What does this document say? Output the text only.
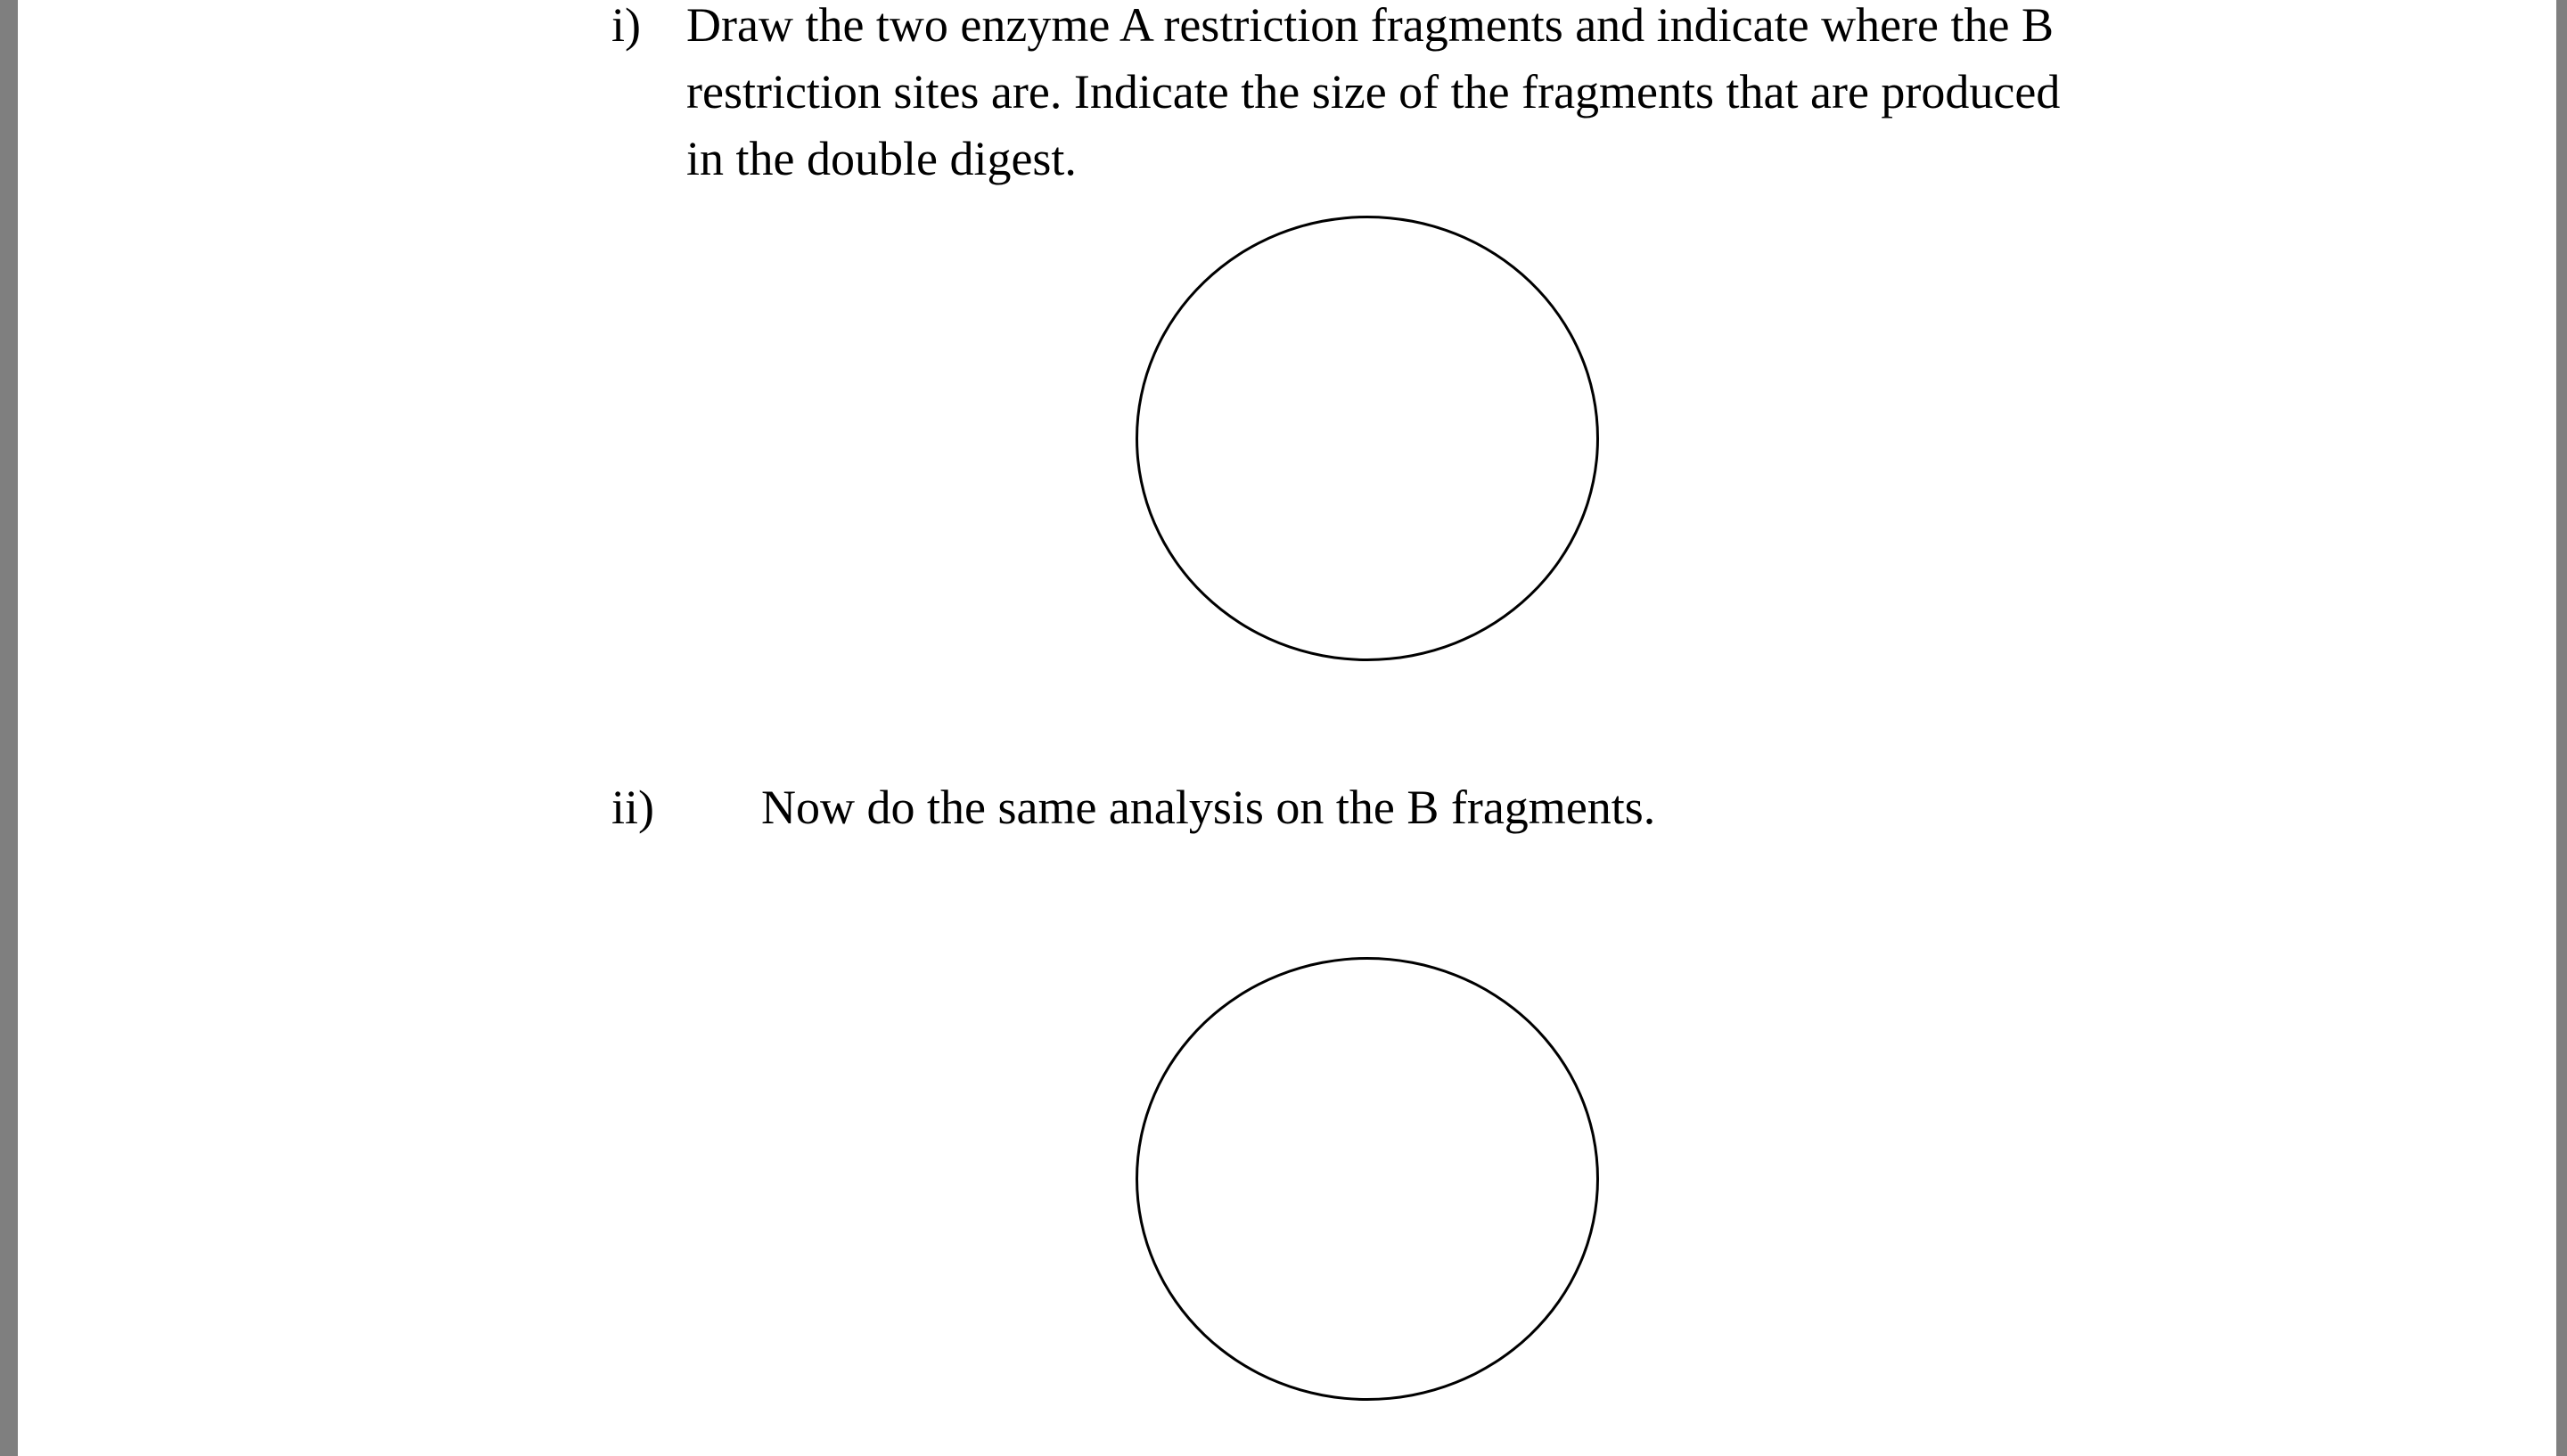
i) Draw the two enzyme A restriction fragments and indicate where the B

restriction sites are. Indicate the size of the fragments that are produced

in the double digest.

ii) Now do the same analysis on the B fragments.
